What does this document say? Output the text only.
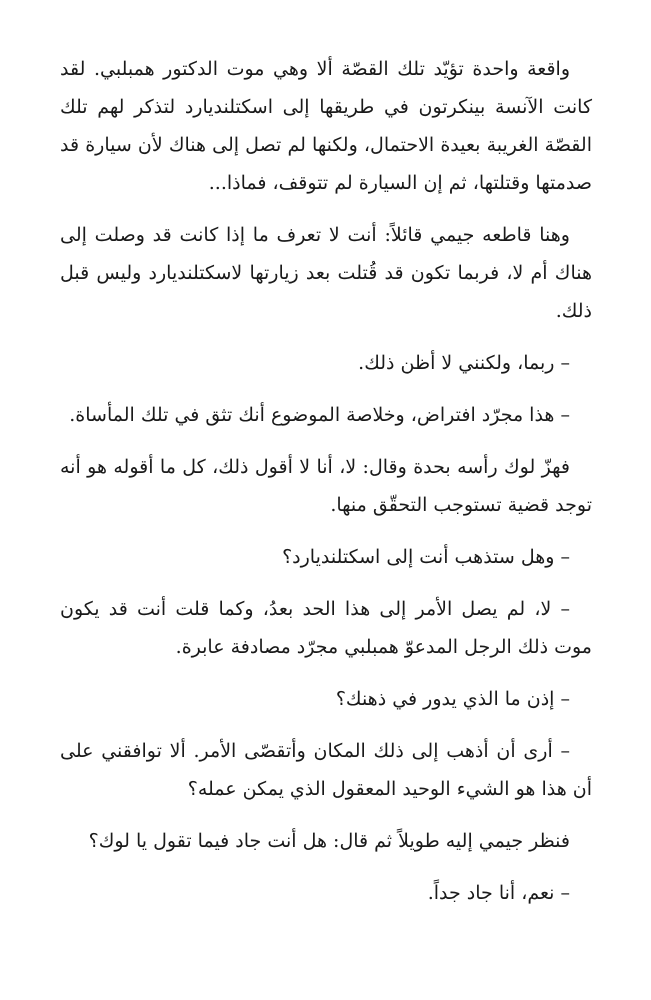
واقعة واحدة تؤيّد تلك القصّة ألا وهي موت الدكتور همبلبي. لقد كانت الآنسة بينكرتون في طريقها إلى اسكتلنديارد لتذكر لهم تلك القصّة الغريبة بعيدة الاحتمال، ولكنها لم تصل إلى هناك لأن سيارة قد صدمتها وقتلتها، ثم إن السيارة لم تتوقف، فماذا...

وهنا قاطعه جيمي قائلاً: أنت لا تعرف ما إذا كانت قد وصلت إلى هناك أم لا، فربما تكون قد قُتلت بعد زيارتها لاسكتلنديارد وليس قبل ذلك.

– ربما، ولكنني لا أظن ذلك.

– هذا مجرّد افتراض، وخلاصة الموضوع أنك تثق في تلك المأساة.

فهزّ لوك رأسه بحدة وقال: لا، أنا لا أقول ذلك، كل ما أقوله هو أنه توجد قضية تستوجب التحقّق منها.

– وهل ستذهب أنت إلى اسكتلنديارد؟

– لا، لم يصل الأمر إلى هذا الحد بعدُ، وكما قلت أنت قد يكون موت ذلك الرجل المدعوّ همبلبي مجرّد مصادفة عابرة.

– إذن ما الذي يدور في ذهنك؟

– أرى أن أذهب إلى ذلك المكان وأتقصّى الأمر. ألا توافقني على أن هذا هو الشيء الوحيد المعقول الذي يمكن عمله؟

فنظر جيمي إليه طويلاً ثم قال: هل أنت جاد فيما تقول يا لوك؟

– نعم، أنا جاد جداً.
